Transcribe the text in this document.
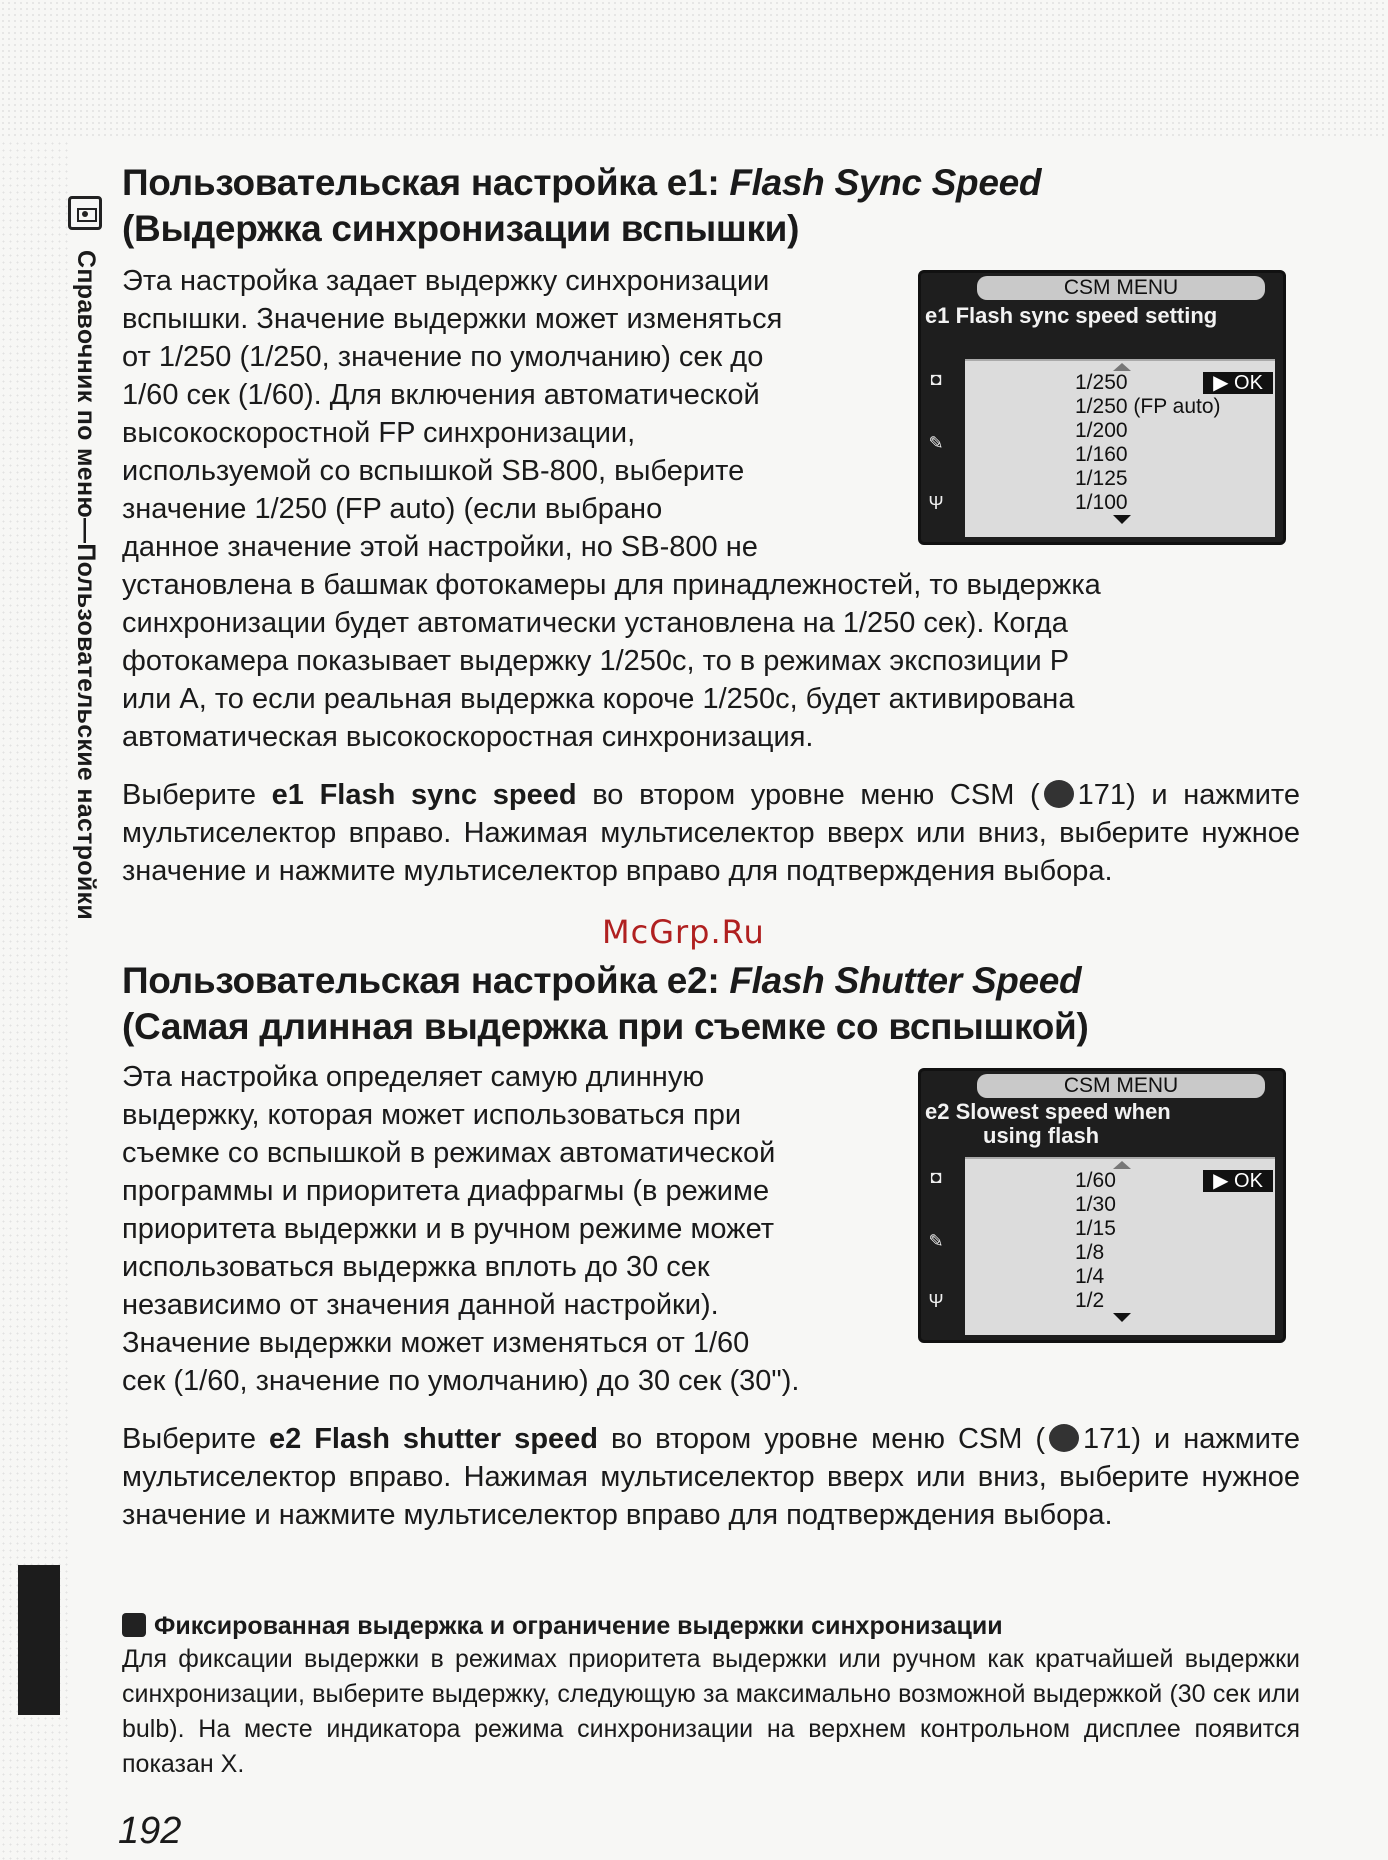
Справочник по меню—Пользовательские настройки
Пользовательская настройка e1: Flash Sync Speed
(Выдержка синхронизации вспышки)

Эта настройка задает выдержку синхронизации

вспышки. Значение выдержки может изменяться

от 1/250 (1/250, значение по умолчанию) сек до

1/60 сек (1/60). Для включения автоматической

высокоскоростной FP синхронизации,

используемой со вспышкой SB-800, выберите

значение 1/250 (FP auto) (если выбрано

данное значение этой настройки, но SB-800 не

установлена в башмак фотокамеры для принадлежностей, то выдержка

синхронизации будет автоматически установлена на 1/250 сек). Когда

фотокамера показывает выдержку 1/250с, то в режимах экспозиции P

или A, то если реальная выдержка короче 1/250с, будет активирована

автоматическая высокоскоростная синхронизация.

Выберите e1 Flash sync speed во втором уровне меню CSM ( 171) и нажмите мультиселектор вправо. Нажимая мультиселектор вверх или вниз, выберите нужное значение и нажмите мультиселектор вправо для подтверждения выбора.

CSM MENU
e1 Flash sync speed setting
◘
✎
Ψ
1/250	▶ OK
1/250 (FP auto)
1/200
1/160
1/125
1/100
McGrp.Ru
Пользовательская настройка e2: Flash Shutter Speed
(Самая длинная выдержка при съемке со вспышкой)

Эта настройка определяет самую длинную

выдержку, которая может использоваться при

съемке со вспышкой в режимах автоматической

программы и приоритета диафрагмы (в режиме

приоритета выдержки и в ручном режиме может

использоваться выдержка вплоть до 30 сек

независимо от значения данной настройки).

Значение выдержки может изменяться от 1/60

сек (1/60, значение по умолчанию) до 30 сек (30").

Выберите e2 Flash shutter speed во втором уровне меню CSM ( 171) и нажмите мультиселектор вправо. Нажимая мультиселектор вверх или вниз, выберите нужное значение и нажмите мультиселектор вправо для подтверждения выбора.

CSM MENU
e2 Slowest speed when
using flash
◘
✎
Ψ
1/60	▶ OK
1/30
1/15
1/8
1/4
1/2

Фиксированная выдержка и ограничение выдержки синхронизации

Для фиксации выдержки в режимах приоритета выдержки или ручном как кратчайшей выдержки синхронизации, выберите выдержку, следующую за максимально возможной выдержкой (30 сек или bulb). На месте индикатора режима синхронизации на верхнем контрольном дисплее появится показан X.

192
